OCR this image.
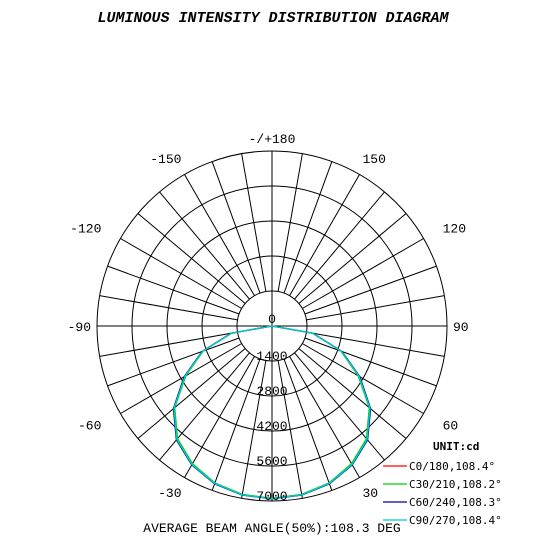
LUMINOUS INTENSITY DISTRIBUTION DIAGRAM
-/+180
150
-150
120
-120
90
-90
60
-60
30
-30
0
1400
2800
4200
5600
7000
UNIT:cd
C0/180,108.4°
C30/210,108.2°
C60/240,108.3°
C90/270,108.4°
AVERAGE BEAM ANGLE(50%):108.3 DEG
